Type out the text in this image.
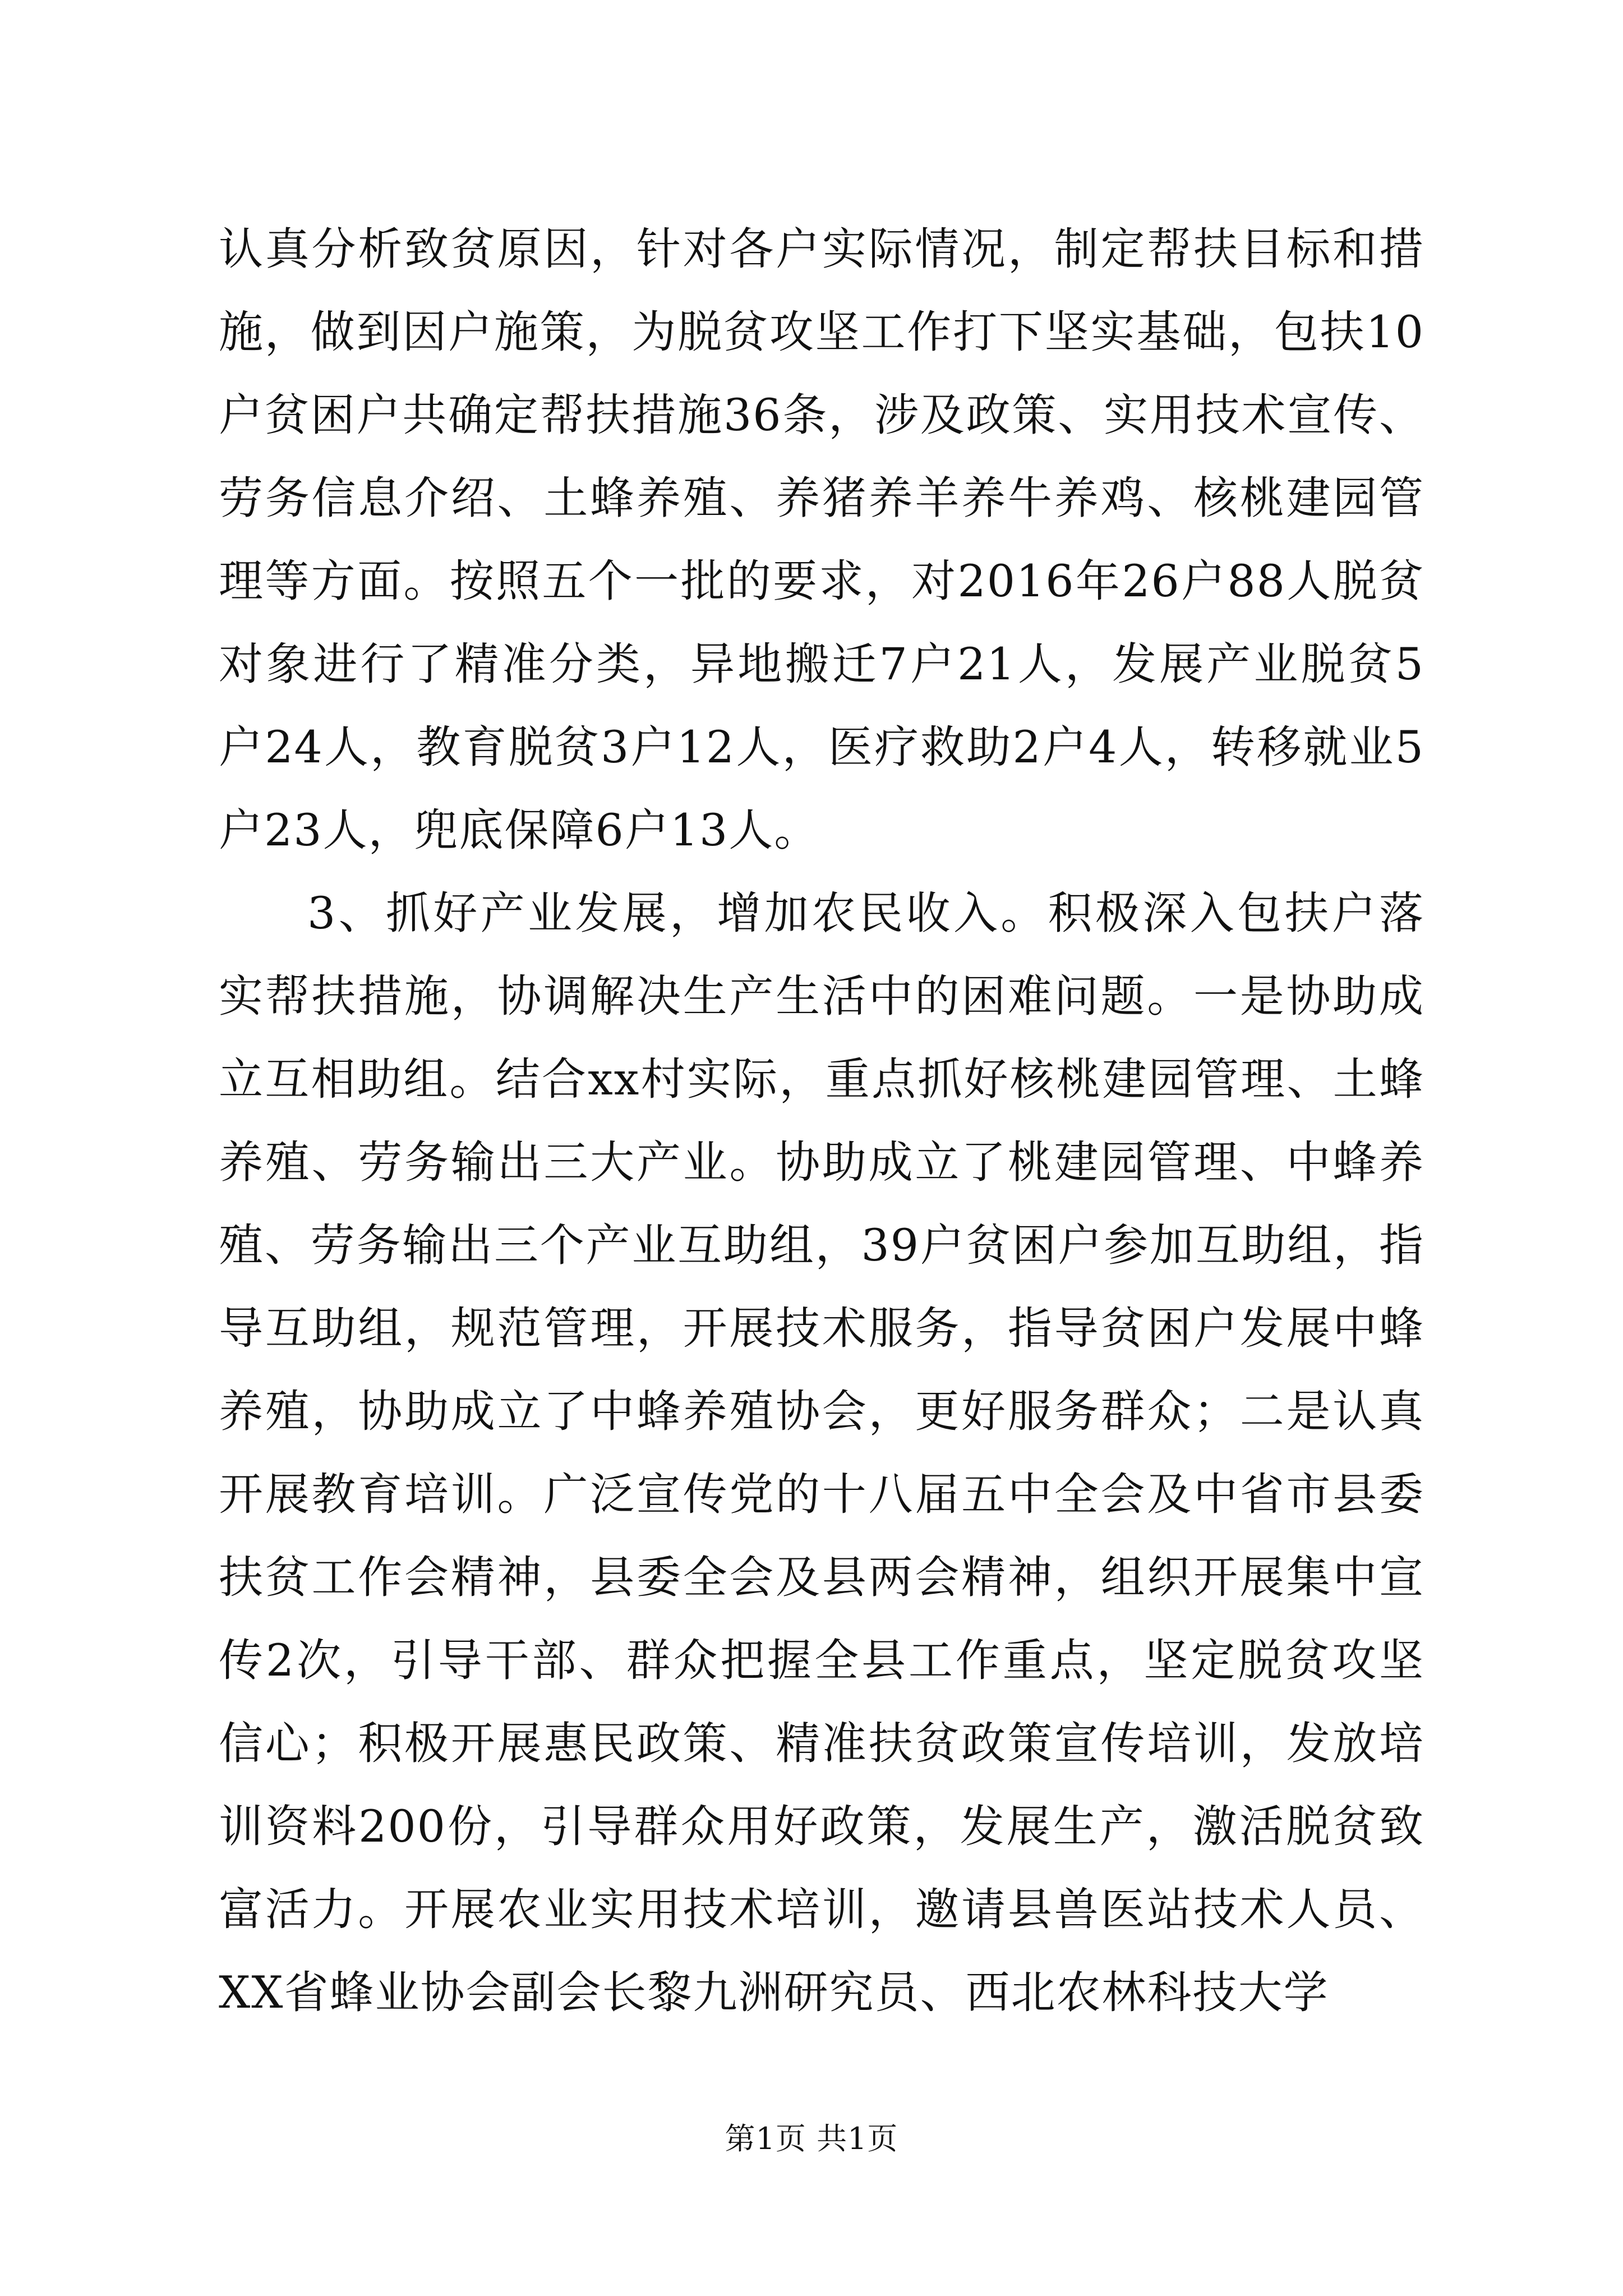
认真分析致贫原因，针对各户实际情况，制定帮扶目标和措施，做到因户施策，为脱贫攻坚工作打下坚实基础，包扶10户贫困户共确定帮扶措施36条，涉及政策、实用技术宣传、劳务信息介绍、土蜂养殖、养猪养羊养牛养鸡、核桃建园管理等方面。按照五个一批的要求，对2016年26户88人脱贫对象进行了精准分类，异地搬迁7户21人，发展产业脱贫5户24人，教育脱贫3户12人，医疗救助2户4人，转移就业5户23人，兜底保障6户13人。

3、抓好产业发展，增加农民收入。积极深入包扶户落实帮扶措施，协调解决生产生活中的困难问题。一是协助成立互相助组。结合xx村实际，重点抓好核桃建园管理、土蜂养殖、劳务输出三大产业。协助成立了桃建园管理、中蜂养殖、劳务输出三个产业互助组，39户贫困户参加互助组，指导互助组，规范管理，开展技术服务，指导贫困户发展中蜂养殖，协助成立了中蜂养殖协会，更好服务群众；二是认真开展教育培训。广泛宣传党的十八届五中全会及中省市县委扶贫工作会精神，县委全会及县两会精神，组织开展集中宣传2次，引导干部、群众把握全县工作重点，坚定脱贫攻坚信心；积极开展惠民政策、精准扶贫政策宣传培训，发放培训资料200份，引导群众用好政策，发展生产，激活脱贫致富活力。开展农业实用技术培训，邀请县兽医站技术人员、XX省蜂业协会副会长黎九洲研究员、西北农林科技大学

第1页 共1页
